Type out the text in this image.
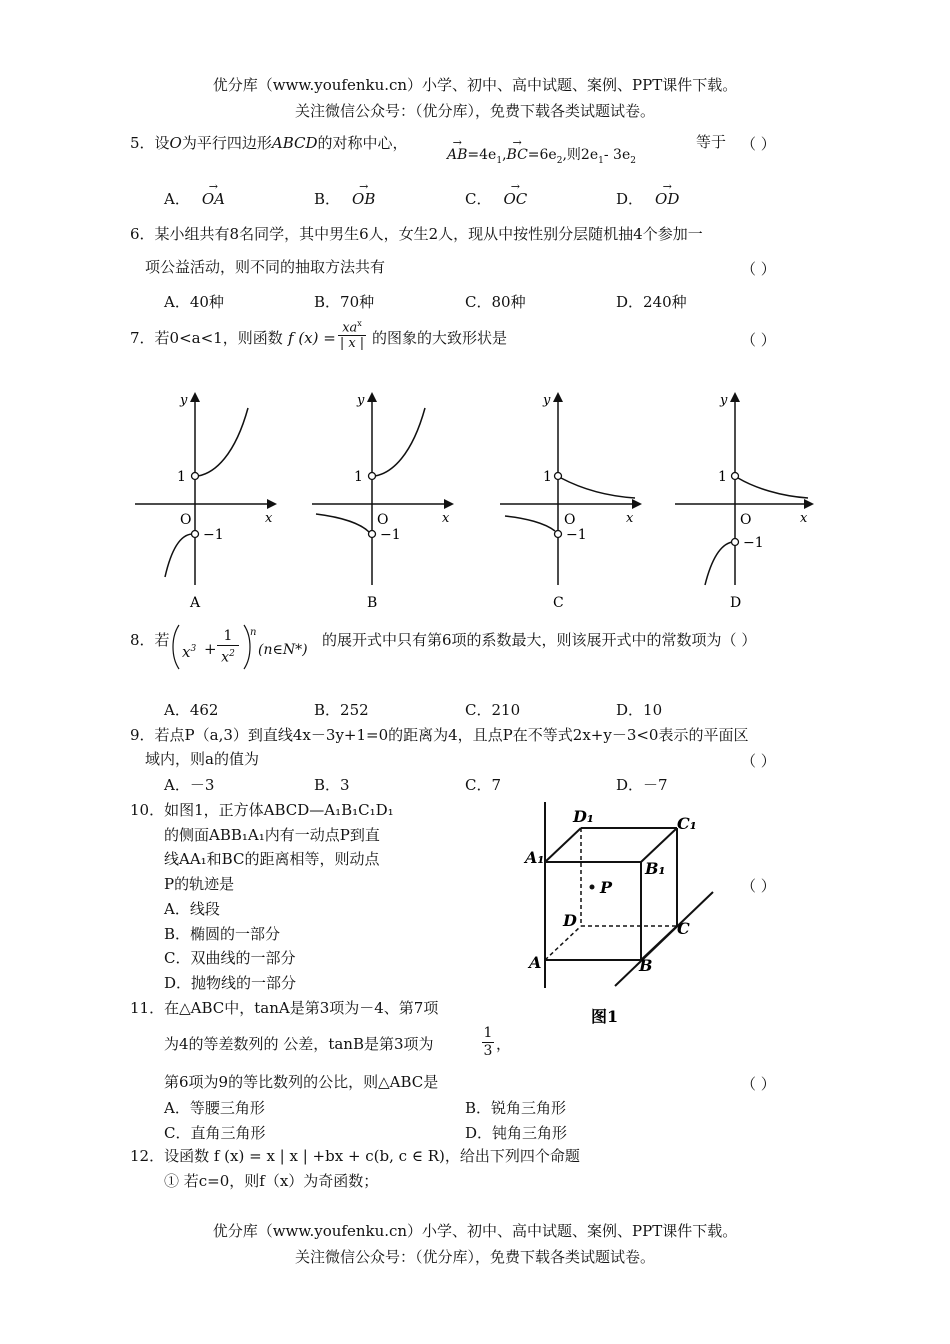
优分库（www.youfenku.cn）小学、初中、高中试题、案例、PPT课件下载。
关注微信公众号：（优分库），免费下载各类试题试卷。
5．设O为平行四边形ABCD的对称中心，
→ $AB=4e_1,\to BC=6e_2$,则$2e_1-$ $3e_2$
等于 （ ）
A． → OA	B． → OB	C． → OC	D． → OD
6．某小组共有8名同学，其中男生6人，女生2人，现从中按性别分层随机抽4个参加一
项公益活动，则不同的抽取方法共有	（ ）
A．40种	B．70种	C．80种	D．240种
7．若0<a<1，则函数 f (x) =
$xa^x$
| x | 的图象的大致形状是	（ ）
y
x
O
1
−1
A
y
x
O
1
−1
B
y
x
O
1
−1
C
y
x
O
1
−1
D
8．若
$x^3$ +
1
$x^2$
n
(n∈N*)
的展开式中只有第6项的系数最大，则该展开式中的常数项为（ ）
A．462	B．252	C．210	D．10
9．若点P（a,3）到直线4x－3y+1=0的距离为4，且点P在不等式2x+y－3<0表示的平面区
域内，则a的值为	（ ）
A．－3	B．3	C．7	D．－7
10．如图1，正方体ABCD—A₁B₁C₁D₁
的侧面ABB₁A₁内有一动点P到直
线AA₁和BC的距离相等，则动点
P的轨迹是	（ ）
A．线段
B．椭圆的一部分
C．双曲线的一部分
D．抛物线的一部分
P
A₁
D₁	C₁
B₁
D	C
A	B
图1
11．在△ABC中，tanA是第3项为－4、第7项
为4的等差数列的 公差，tanB是第3项为
1
3 ，
第6项为9的等比数列的公比，则△ABC是	（ ）
A．等腰三角形	B．锐角三角形
C．直角三角形	D．钝角三角形
12．设函数 f (x) = x | x | +bx + c(b, c ∈ R)，给出下列四个命题
① 若c=0，则f（x）为奇函数；
优分库（www.youfenku.cn）小学、初中、高中试题、案例、PPT课件下载。
关注微信公众号：（优分库），免费下载各类试题试卷。
